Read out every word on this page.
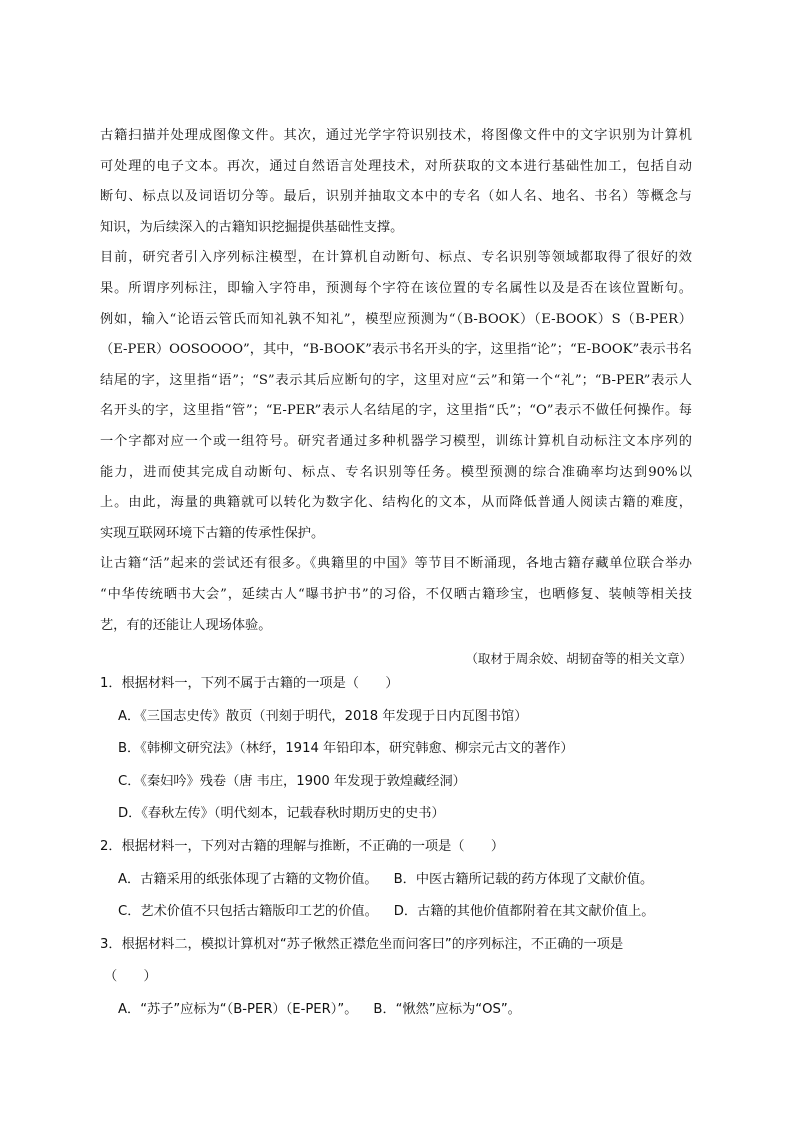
古籍扫描并处理成图像文件。其次，通过光学字符识别技术，将图像文件中的文字识别为计算机
可处理的电子文本。再次，通过自然语言处理技术，对所获取的文本进行基础性加工，包括自动
断句、标点以及词语切分等。最后，识别并抽取文本中的专名（如人名、地名、书名）等概念与
知识，为后续深入的古籍知识挖掘提供基础性支撑。
目前，研究者引入序列标注模型，在计算机自动断句、标点、专名识别等领域都取得了很好的效
果。所谓序列标注，即输入字符串，预测每个字符在该位置的专名属性以及是否在该位置断句。
例如，输入“论语云管氏而知礼孰不知礼”，模型应预测为“（B-BOOK）（E-BOOK）S（B-PER）
（E-PER）OOSOOOO”，其中，“B-BOOK”表示书名开头的字，这里指“论”；“E-BOOK”表示书名
结尾的字，这里指“语”；“S”表示其后应断句的字，这里对应“云”和第一个“礼”；“B-PER”表示人
名开头的字，这里指“管”；“E-PER”表示人名结尾的字，这里指“氏”；“O”表示不做任何操作。每
一个字都对应一个或一组符号。研究者通过多种机器学习模型，训练计算机自动标注文本序列的
能力，进而使其完成自动断句、标点、专名识别等任务。模型预测的综合准确率均达到90%以
上。由此，海量的典籍就可以转化为数字化、结构化的文本，从而降低普通人阅读古籍的难度，
实现互联网环境下古籍的传承性保护。
让古籍“活”起来的尝试还有很多。《典籍里的中国》等节目不断涌现，各地古籍存藏单位联合举办
“中华传统晒书大会”，延续古人“曝书护书”的习俗，不仅晒古籍珍宝，也晒修复、装帧等相关技
艺，有的还能让人现场体验。
（取材于周余姣、胡韧奋等的相关文章）
1．根据材料一，下列不属于古籍的一项是（　　）
A．《三国志史传》散页（刊刻于明代，2018 年发现于日内瓦图书馆）
B．《韩柳文研究法》（林纾，1914 年铅印本，研究韩愈、柳宗元古文的著作）
C．《秦妇吟》残卷（唐 韦庄，1900 年发现于敦煌藏经洞）
D．《春秋左传》（明代刻本，记载春秋时期历史的史书）
2．根据材料一，下列对古籍的理解与推断，不正确的一项是（　　）
A．古籍采用的纸张体现了古籍的文物价值。 B．中医古籍所记载的药方体现了文献价值。
C．艺术价值不只包括古籍版印工艺的价值。 D．古籍的其他价值都附着在其文献价值上。
3．根据材料二，模拟计算机对“苏子愀然正襟危坐而问客曰”的序列标注，不正确的一项是
（　　）
A．“苏子”应标为“（B-PER）（E-PER）”。 B．“愀然”应标为“OS”。
